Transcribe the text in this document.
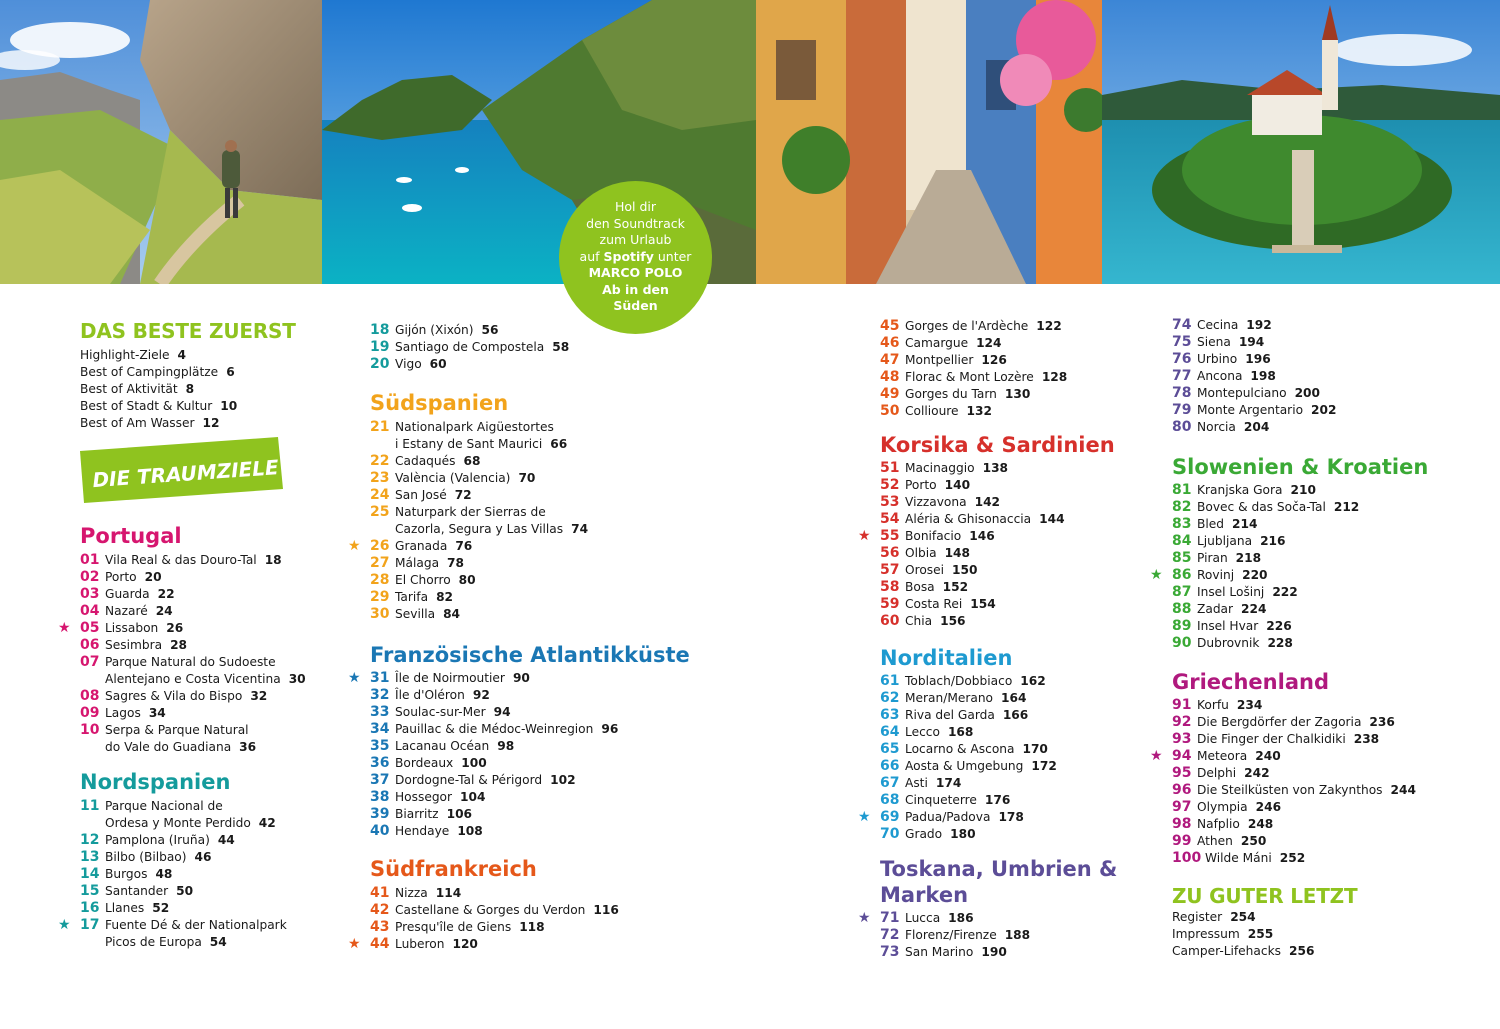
Hol dir
den Soundtrack
zum Urlaub
auf Spotify unter
MARCO POLO
Ab in den
Süden
DAS BESTE ZUERST
Highlight-Ziele 4
Best of Campingplätze 6
Best of Aktivität 8
Best of Stadt & Kultur 10
Best of Am Wasser 12
DIE TRAUMZIELE
Portugal
01 Vila Real & das Douro-Tal 18
02 Porto 20
03 Guarda 22
04 Nazaré 24
05 Lissabon 26
★
06 Sesimbra 28
07 Parque Natural do Sudoeste
Alentejano e Costa Vicentina 30
08 Sagres & Vila do Bispo 32
09 Lagos 34
10 Serpa & Parque Natural
do Vale do Guadiana 36
Nordspanien
11 Parque Nacional de
Ordesa y Monte Perdido 42
12 Pamplona (Iruña) 44
13 Bilbo (Bilbao) 46
14 Burgos 48
15 Santander 50
16 Llanes 52
17 Fuente Dé & der Nationalpark
Picos de Europa 54
★
18 Gijón (Xixón) 56
19 Santiago de Compostela 58
20 Vigo 60
Südspanien
21 Nationalpark Aigüestortes
i Estany de Sant Maurici 66
22 Cadaqués 68
23 València (Valencia) 70
24 San José 72
25 Naturpark der Sierras de
Cazorla, Segura y Las Villas 74
26 Granada 76
★
27 Málaga 78
28 El Chorro 80
29 Tarifa 82
30 Sevilla 84
Französische Atlantikküste
31 Île de Noirmoutier 90
★
32 Île d'Oléron 92
33 Soulac-sur-Mer 94
34 Pauillac & die Médoc-Weinregion 96
35 Lacanau Océan 98
36 Bordeaux 100
37 Dordogne-Tal & Périgord 102
38 Hossegor 104
39 Biarritz 106
40 Hendaye 108
Südfrankreich
41 Nizza 114
42 Castellane & Gorges du Verdon 116
43 Presqu'île de Giens 118
44 Luberon 120
★
45 Gorges de l'Ardèche 122
46 Camargue 124
47 Montpellier 126
48 Florac & Mont Lozère 128
49 Gorges du Tarn 130
50 Collioure 132
Korsika & Sardinien
51 Macinaggio 138
52 Porto 140
53 Vizzavona 142
54 Aléria & Ghisonaccia 144
55 Bonifacio 146
★
56 Olbia 148
57 Orosei 150
58 Bosa 152
59 Costa Rei 154
60 Chia 156
Norditalien
61 Toblach/Dobbiaco 162
62 Meran/Merano 164
63 Riva del Garda 166
64 Lecco 168
65 Locarno & Ascona 170
66 Aosta & Umgebung 172
67 Asti 174
68 Cinqueterre 176
69 Padua/Padova 178
★
70 Grado 180
Toskana, Umbrien &
Marken
71 Lucca 186
★
72 Florenz/Firenze 188
73 San Marino 190
74 Cecina 192
75 Siena 194
76 Urbino 196
77 Ancona 198
78 Montepulciano 200
79 Monte Argentario 202
80 Norcia 204
Slowenien & Kroatien
81 Kranjska Gora 210
82 Bovec & das Soča-Tal 212
83 Bled 214
84 Ljubljana 216
85 Piran 218
86 Rovinj 220
★
87 Insel Lošinj 222
88 Zadar 224
89 Insel Hvar 226
90 Dubrovnik 228
Griechenland
91 Korfu 234
92 Die Bergdörfer der Zagoria 236
93 Die Finger der Chalkidiki 238
94 Meteora 240
★
95 Delphi 242
96 Die Steilküsten von Zakynthos 244
97 Olympia 246
98 Nafplio 248
99 Athen 250
100 Wilde Máni 252
ZU GUTER LETZT
Register 254
Impressum 255
Camper-Lifehacks 256
